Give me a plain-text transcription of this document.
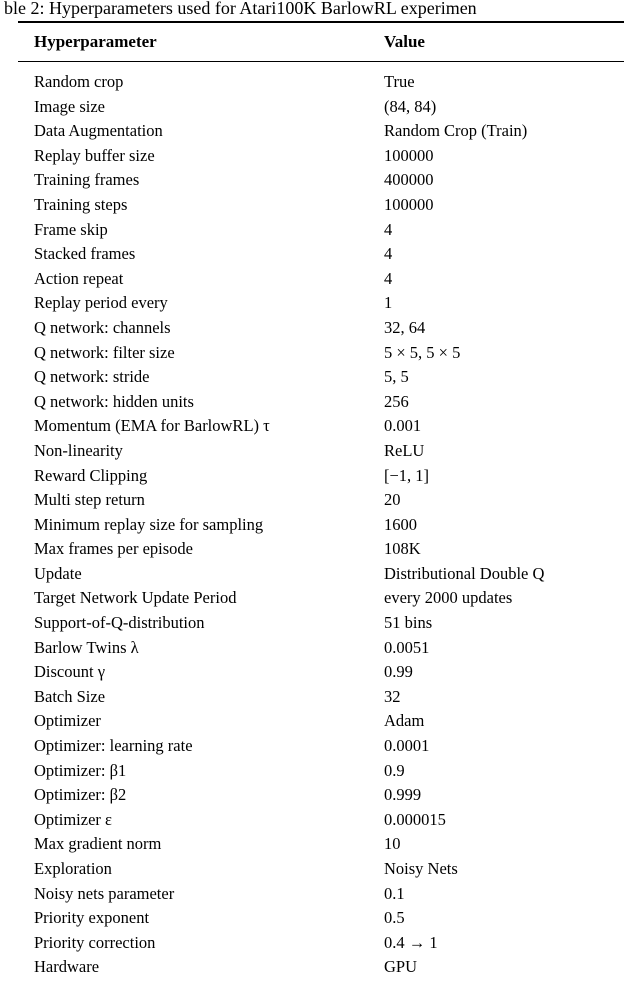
ble 2: Hyperparameters used for Atari100K BarlowRL experimen
Hyperparameter	Value
Random crop	True
Image size	(84, 84)
Data Augmentation	Random Crop (Train)
Replay buffer size	100000
Training frames	400000
Training steps	100000
Frame skip	4
Stacked frames	4
Action repeat	4
Replay period every	1
Q network: channels	32, 64
Q network: filter size	5 × 5, 5 × 5
Q network: stride	5, 5
Q network: hidden units	256
Momentum (EMA for BarlowRL) τ	0.001
Non-linearity	ReLU
Reward Clipping	[−1, 1]
Multi step return	20
Minimum replay size for sampling	1600
Max frames per episode	108K
Update	Distributional Double Q
Target Network Update Period	every 2000 updates
Support-of-Q-distribution	51 bins
Barlow Twins λ	0.0051
Discount γ	0.99
Batch Size	32
Optimizer	Adam
Optimizer: learning rate	0.0001
Optimizer: β1	0.9
Optimizer: β2	0.999
Optimizer ε	0.000015
Max gradient norm	10
Exploration	Noisy Nets
Noisy nets parameter	0.1
Priority exponent	0.5
Priority correction	0.4 → 1
Hardware	GPU
